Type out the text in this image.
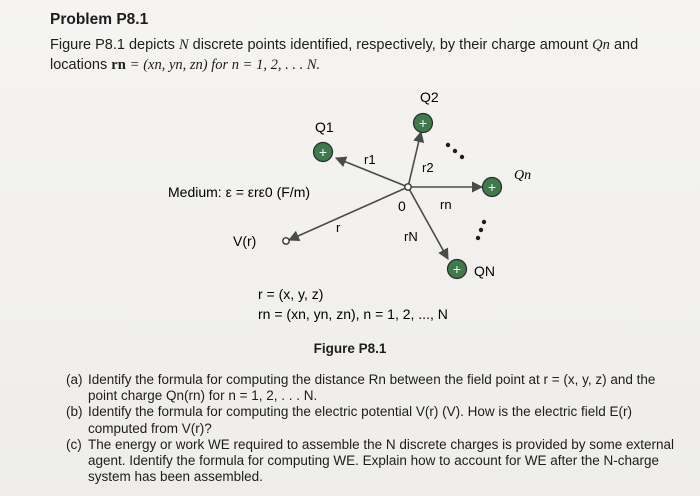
Problem P8.1
Figure P8.1 depicts N discrete points identified, respectively, by their charge amount Qn and
locations rn = (xn, yn, zn) for n = 1, 2, . . . N.
0
V(r)
Medium: ε = εrε0 (F/m)
+
Q1
r1
+
Q2
r2
+
Qn
rn
+ QN
rN
r
r = (x, y, z)
rn = (xn, yn, zn), n = 1, 2, ..., N
Figure P8.1
(a) Identify the formula for computing the distance Rn between the field point at r = (x, y, z) and the point charge Qn(rn) for n = 1, 2, . . . N.
(b) Identify the formula for computing the electric potential V(r) (V). How is the electric field E(r) computed from V(r)?
(c) The energy or work WE required to assemble the N discrete charges is provided by some external agent. Identify the formula for computing WE. Explain how to account for WE after the N-charge system has been assembled.
